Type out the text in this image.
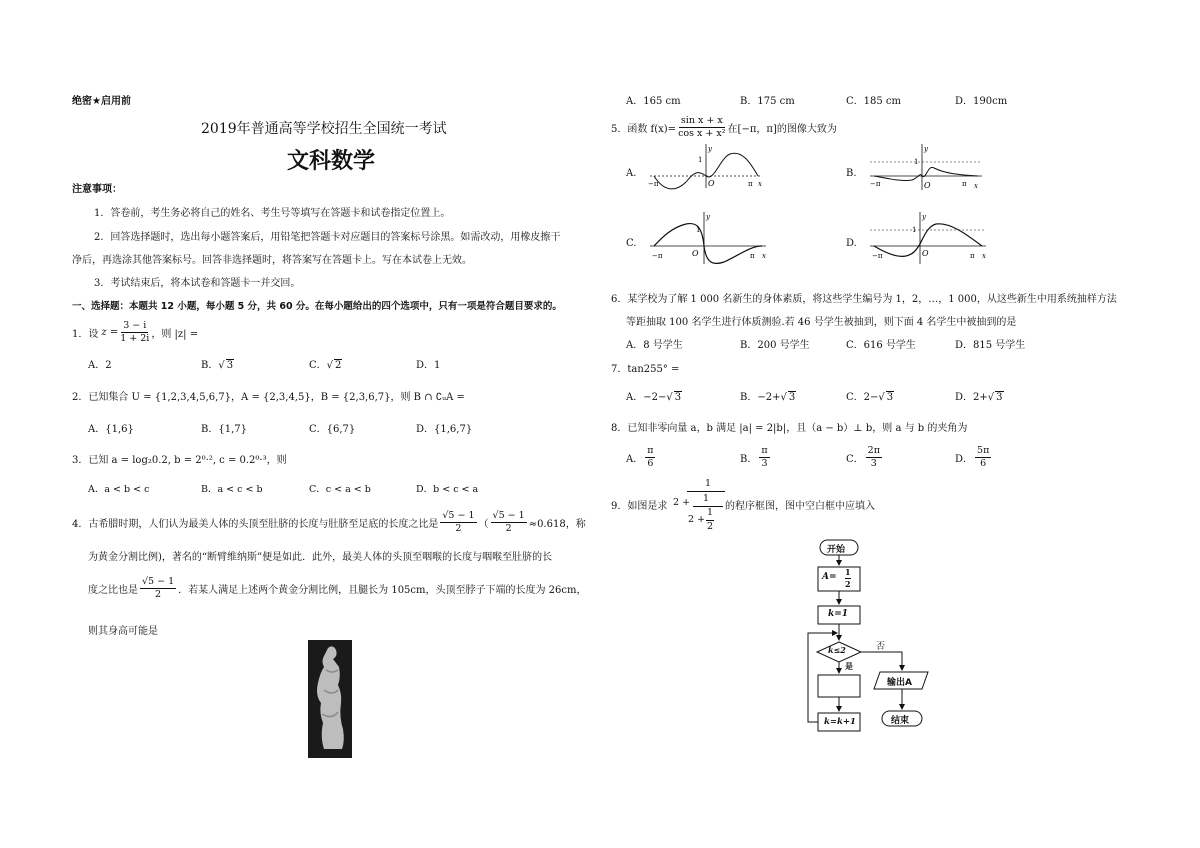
绝密★启用前
2019年普通高等学校招生全国统一考试
文科数学
注意事项：
1．答卷前，考生务必将自己的姓名、考生号等填写在答题卡和试卷指定位置上。
2．回答选择题时，选出每小题答案后，用铅笔把答题卡对应题目的答案标号涂黑。如需改动，用橡皮擦干
净后，再选涂其他答案标号。回答非选择题时，将答案写在答题卡上。写在本试卷上无效。
3．考试结束后，将本试卷和答题卡一并交回。
一、选择题：本题共 12 小题，每小题 5 分，共 60 分。在每小题给出的四个选项中，只有一项是符合题目要求的。
1．设 $z = \frac{3 - i}{1 + 2i}$ ，则 |z| =
A．2	B．√ 3	C．√ 2	D．1
2．已知集合 U = {1,2,3,4,5,6,7}，A = {2,3,4,5}，B = {2,3,6,7}，则 B ∩ ∁ᵤA =
A．{1,6}	B．{1,7}	C．{6,7}	D．{1,6,7}
3．已知 a = log₂0.2, b = 2⁰·², c = 0.2⁰·³，则
A．a < b < c	B．a < c < b	C．c < a < b	D．b < c < a
4．古希腊时期，人们认为最美人体的头顶至肚脐的长度与肚脐至足底的长度之比是 $\frac{√5 - 1}{2}$ （ $\frac{√5 - 1}{2} \approx 0.618$，称
为黄金分割比例)，著名的“断臂维纳斯”便是如此．此外，最美人体的头顶至咽喉的长度与咽喉至肚脐的长
度之比也是 $\frac{√5 - 1}{2}$ ．若某人满足上述两个黄金分割比例，且腿长为 105cm，头顶至脖子下端的长度为 26cm，
则其身高可能是
A．165 cm	B．175 cm	C．185 cm	D．190cm
5．函数 $f(x)= \frac{\text{sin x + x}}{\text{cos x + x²}}$ 在[−π，π]的图像大致为
A.
y
1
O
−π	π x
B.
y
1
O
−π	π x
C.
y
1
O
−π	π x
D.
y
1
O
−π	π x
6．某学校为了解 1 000 名新生的身体素质，将这些学生编号为 1，2，…，1 000，从这些新生中用系统抽样方法
等距抽取 100 名学生进行体质测验.若 46 号学生被抽到，则下面 4 名学生中被抽到的是
A．8 号学生	B．200 号学生	C．616 号学生	D．815 号学生
7．tan255° =
A．−2−√ 3	B．−2+√ 3	C．2−√ 3	D．2+√ 3
8．已知非零向量 a，b 满足 |a| = 2|b|，且（a − b）⊥ b，则 a 与 b 的夹角为
A． $\frac{\pi}{6}$	B． $\frac{\pi}{3}$	C． $\frac{2\pi}{3}$	D． $\frac{5\pi}{6}$
9．如图是求 2 +
1
1
2 +
1
2
的程序框图，图中空白框中应填入
开始
A= 1
2
k=1
k≤2	否
是
输出A
k=k+1	结束
